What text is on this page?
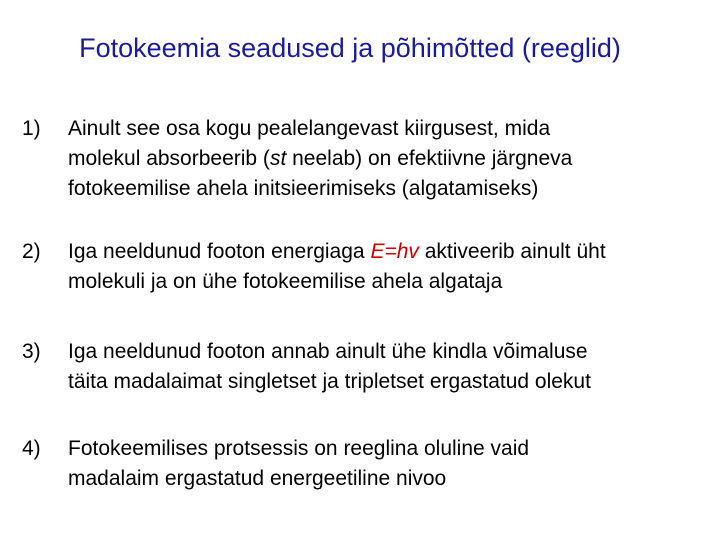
Fotokeemia seadused ja põhimõtted (reeglid)
1)	Ainult see osa kogu pealelangevast kiirgusest, mida
molekul absorbeerib (st neelab) on efektiivne järgneva
fotokeemilise ahela initsieerimiseks (algatamiseks)
2)	Iga neeldunud footon energiaga E=hv aktiveerib ainult üht
molekuli ja on ühe fotokeemilise ahela algataja
3)	Iga neeldunud footon annab ainult ühe kindla võimaluse
täita madalaimat singletset ja tripletset ergastatud olekut
4)	Fotokeemilises protsessis on reeglina oluline vaid
madalaim ergastatud energeetiline nivoo
